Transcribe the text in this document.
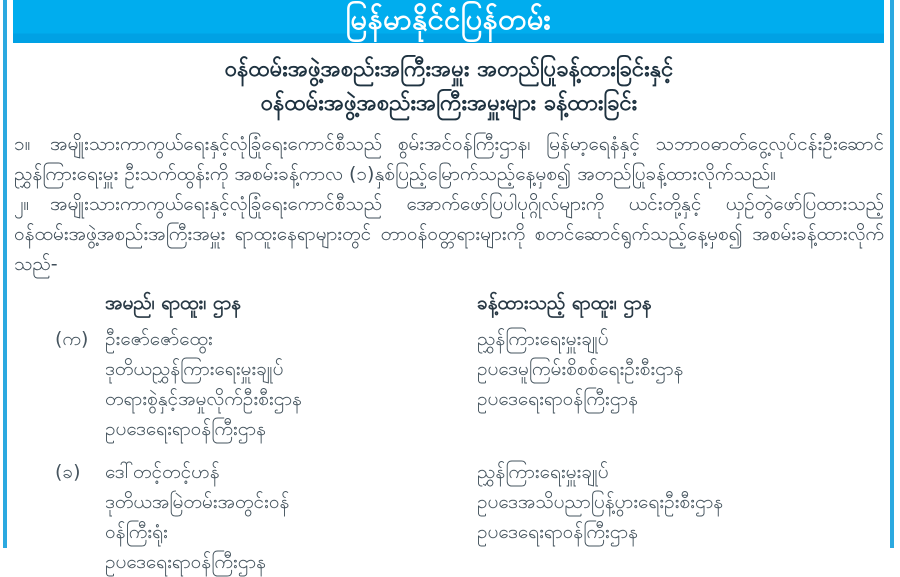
မြန်မာနိုင်ငံပြန်တမ်း
ဝန်ထမ်းအဖွဲ့အစည်းအကြီးအမှူး အတည်ပြုခန့်ထားခြင်းနှင့်
ဝန်ထမ်းအဖွဲ့အစည်းအကြီးအမှူးများ ခန့်ထားခြင်း
၁။ အမျိုးသားကာကွယ်ရေးနှင့်လုံခြုံရေးကောင်စီသည် စွမ်းအင်ဝန်ကြီးဌာန၊ မြန်မာ့ရေနံနှင့် သဘာဝဓာတ်ငွေ့လုပ်ငန်းဦးဆောင် ညွှန်ကြားရေးမှူး ဦးသက်ထွန်းကို အစမ်းခန့်ကာလ (၁)နှစ်ပြည့်မြောက်သည့်နေ့မှစ၍ အတည်ပြုခန့်ထားလိုက်သည်။
၂။ အမျိုးသားကာကွယ်ရေးနှင့်လုံခြုံရေးကောင်စီသည် အောက်ဖော်ပြပါပုဂ္ဂိုလ်များကို ယင်းတို့နှင့် ယှဉ်တွဲဖော်ပြထားသည့် ဝန်ထမ်းအဖွဲ့အစည်းအကြီးအမှူး ရာထူးနေရာများတွင် တာဝန်ဝတ္တရားများကို စတင်ဆောင်ရွက်သည့်နေ့မှစ၍ အစမ်းခန့်ထားလိုက်သည်-
အမည်၊ ရာထူး၊ ဌာန	ခန့်ထားသည့် ရာထူး၊ ဌာန
(က) ဦးဇော်ဇော်ထွေး
ဒုတိယညွှန်ကြားရေးမှူးချုပ်
တရားစွဲနှင့်အမှုလိုက်ဦးစီးဌာန
ဥပဒေရေးရာဝန်ကြီးဌာန
ညွှန်ကြားရေးမှူးချုပ်
ဥပဒေမူကြမ်းစိစစ်ရေးဦးစီးဌာန
ဥပဒေရေးရာဝန်ကြီးဌာန
(ခ)	ဒေါ်တင့်တင့်ဟန်
ဒုတိယအမြဲတမ်းအတွင်းဝန်
ဝန်ကြီးရုံး
ဥပဒေရေးရာဝန်ကြီးဌာန
ညွှန်ကြားရေးမှူးချုပ်
ဥပဒေအသိပညာပြန့်ပွားရေးဦးစီးဌာန
ဥပဒေရေးရာဝန်ကြီးဌာန
